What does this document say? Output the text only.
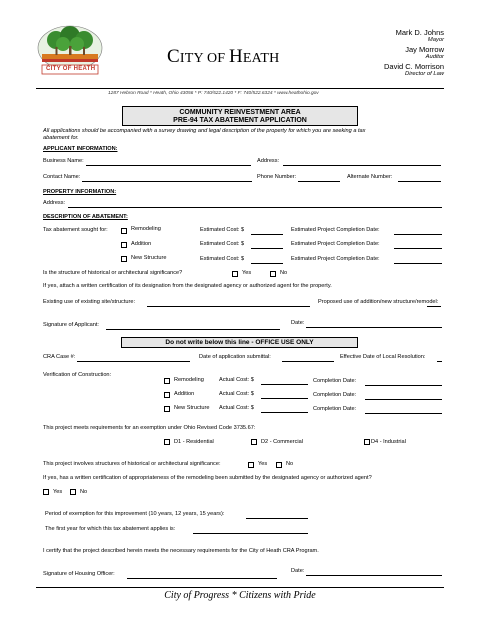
CITY OF HEATH
CITY OF HEATH
Mark D. Johns
Mayor
Jay Morrow
Auditor
David C. Morrison
Director of Law
1287 Hebron Road * Heath, Ohio 43056 * P: 740/522.1420 * F: 740/522.6324 * www.heathohio.gov
COMMUNITY REINVESTMENT AREA
PRE-94 TAX ABATEMENT APPLICATION
All applications should be accompanied with a survey drawing and legal description of the property for which you are seeking a tax
abatement for.
APPLICANT INFORMATION:
Business Name:	Address:
Contact Name:	Phone Number:	Alternate Number:
PROPERTY INFORMATION:
Address:
DESCRIPTION OF ABATEMENT:
Tax abatement sought for:	Remodeling	Estimated Cost: $	Estimated Project Completion Date:
Addition	Estimated Cost: $	Estimated Project Completion Date:
New Structure	Estimated Cost: $	Estimated Project Completion Date:
Is the structure of historical or architectural significance?	Yes	No
If yes, attach a written certification of its designation from the designated agency or authorized agent for the property.
Existing use of existing site/structure:	Proposed use of addition/new structure/remodel:
Signature of Applicant:	Date:
Do not write below this line - OFFICE USE ONLY
CRA Case #:	Date of application submittal:	Effective Date of Local Resolution:
Verification of Construction:
Remodeling	Actual Cost: $	Completion Date:
Addition	Actual Cost: $	Completion Date:
New Structure Actual Cost: $	Completion Date:
This project meets requirements for an exemption under Ohio Revised Code 3735.67:
D1 - Residential	D2 - Commercial	D4 - Industrial
This project involves structures of historical or architectural significance:	Yes	No
If yes, has a written certification of appropriateness of the remodeling been submitted by the designated agency or authorized agent?
Yes	No
Period of exemption for this improvement (10 years, 12 years, 15 years):
The first year for which this tax abatement applies is:
I certify that the project described herein meets the necessary requirements for the City of Heath CRA Program.
Signature of Housing Officer:	Date:
City of Progress * Citizens with Pride
